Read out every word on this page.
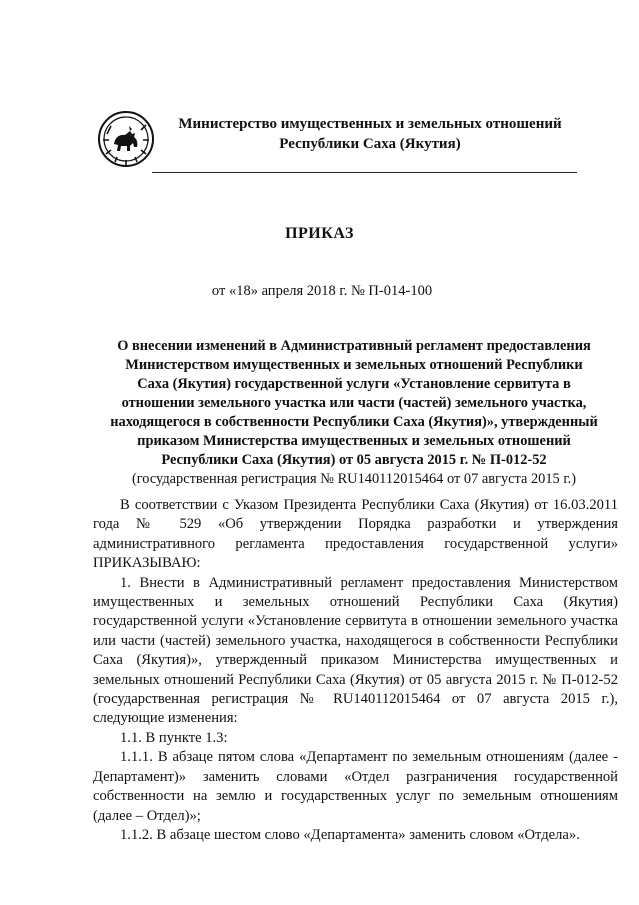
Министерство имущественных и земельных отношений
Республики Саха (Якутия)
ПРИКАЗ
от «18» апреля 2018 г. № П-014-100
О внесении изменений в Административный регламент предоставления
Министерством имущественных и земельных отношений Республики
Саха (Якутия) государственной услуги «Установление сервитута в
отношении земельного участка или части (частей) земельного участка,
находящегося в собственности Республики Саха (Якутия)», утвержденный
приказом Министерства имущественных и земельных отношений
Республики Саха (Якутия) от 05 августа 2015 г. № П-012-52
(государственная регистрация № RU140112015464 от 07 августа 2015 г.)

В соответствии с Указом Президента Республики Саха (Якутия) от 16.03.2011 года № 529 «Об утверждении Порядка разработки и утверждения административного регламента предоставления государственной услуги» ПРИКАЗЫВАЮ:

1. Внести в Административный регламент предоставления Министерством имущественных и земельных отношений Республики Саха (Якутия) государственной услуги «Установление сервитута в отношении земельного участка или части (частей) земельного участка, находящегося в собственности Республики Саха (Якутия)», утвержденный приказом Министерства имущественных и земельных отношений Республики Саха (Якутия) от 05 августа 2015 г. № П-012-52 (государственная регистрация № RU140112015464 от 07 августа 2015 г.), следующие изменения:

1.1. В пункте 1.3:

1.1.1. В абзаце пятом слова «Департамент по земельным отношениям (далее - Департамент)» заменить словами «Отдел разграничения государственной собственности на землю и государственных услуг по земельным отношениям (далее – Отдел)»;

1.1.2. В абзаце шестом слово «Департамента» заменить словом «Отдела».
